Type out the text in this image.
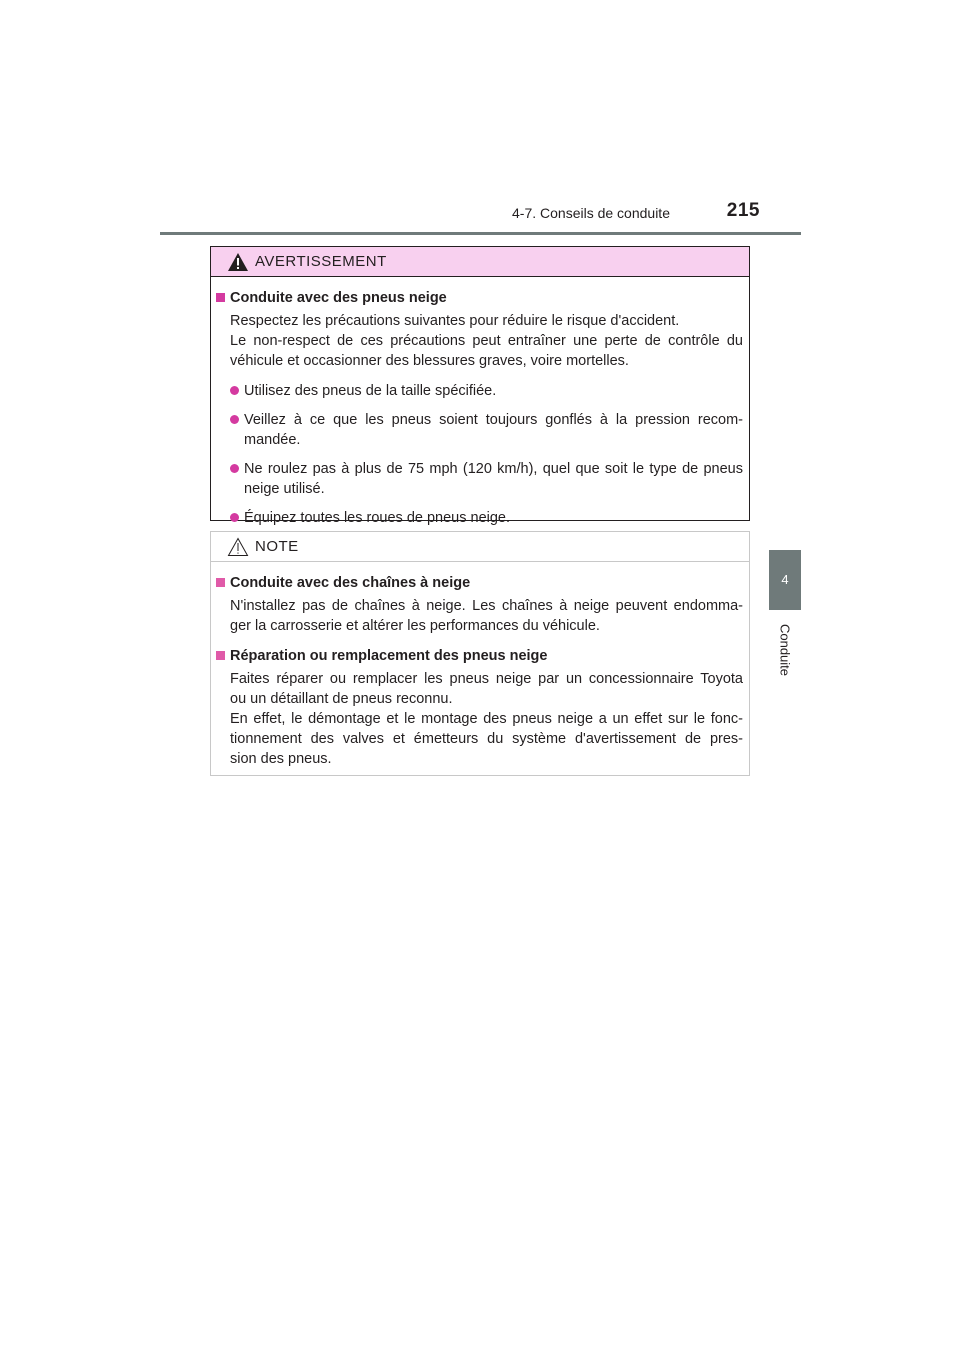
4-7. Conseils de conduite	215
4
Conduite
AVERTISSEMENT
Conduite avec des pneus neige
Respectez les précautions suivantes pour réduire le risque d'accident.
Le non-respect de ces précautions peut entraîner une perte de contrôle du
véhicule et occasionner des blessures graves, voire mortelles.
Utilisez des pneus de la taille spécifiée.
Veillez à ce que les pneus soient toujours gonflés à la pression recom-
mandée.
Ne roulez pas à plus de 75 mph (120 km/h), quel que soit le type de pneus
neige utilisé.
Équipez toutes les roues de pneus neige.
NOTE
Conduite avec des chaînes à neige
N'installez pas de chaînes à neige. Les chaînes à neige peuvent endomma-
ger la carrosserie et altérer les performances du véhicule.
Réparation ou remplacement des pneus neige
Faites réparer ou remplacer les pneus neige par un concessionnaire Toyota
ou un détaillant de pneus reconnu.
En effet, le démontage et le montage des pneus neige a un effet sur le fonc-
tionnement des valves et émetteurs du système d'avertissement de pres-
sion des pneus.
